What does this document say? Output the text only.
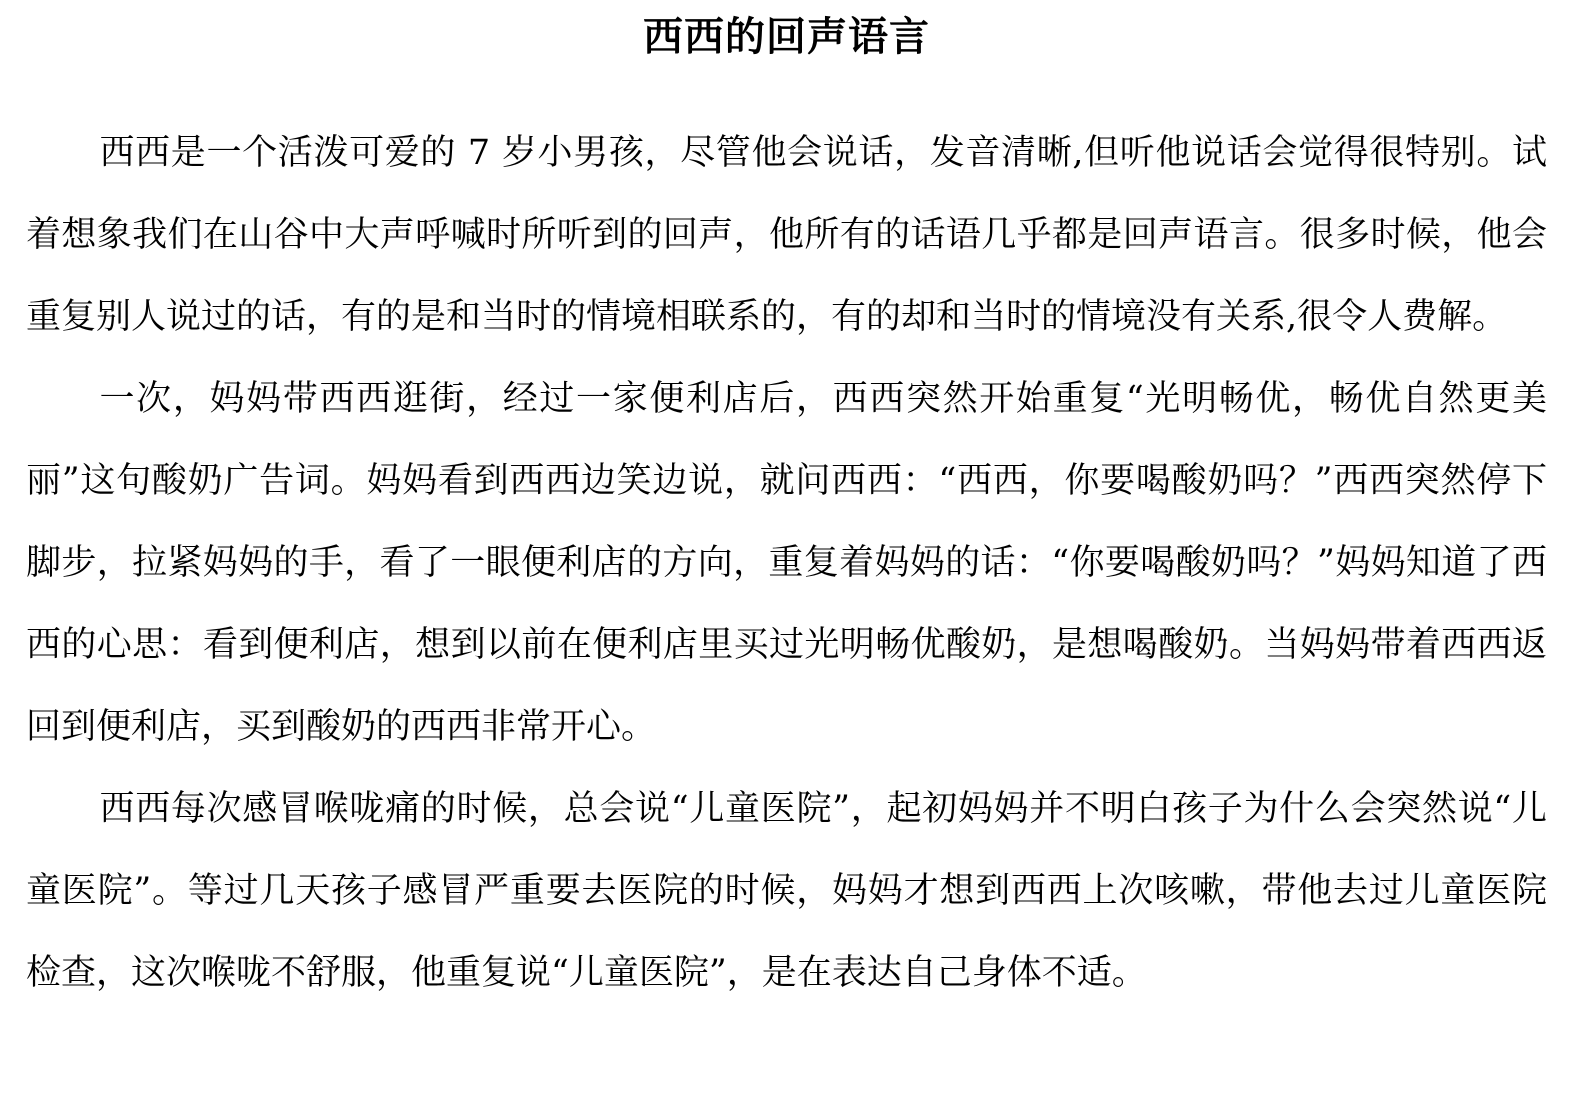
西西的回声语言

西西是一个活泼可爱的 7 岁小男孩，尽管他会说话，发音清晰,但听他说话会觉得很特别。试着想象我们在山谷中大声呼喊时所听到的回声，他所有的话语几乎都是回声语言。很多时候，他会重复别人说过的话，有的是和当时的情境相联系的，有的却和当时的情境没有关系,很令人费解。

一次，妈妈带西西逛街，经过一家便利店后，西西突然开始重复“光明畅优，畅优自然更美丽”这句酸奶广告词。妈妈看到西西边笑边说，就问西西：“西西，你要喝酸奶吗？”西西突然停下脚步，拉紧妈妈的手，看了一眼便利店的方向，重复着妈妈的话：“你要喝酸奶吗？”妈妈知道了西西的心思：看到便利店，想到以前在便利店里买过光明畅优酸奶，是想喝酸奶。当妈妈带着西西返回到便利店，买到酸奶的西西非常开心。

西西每次感冒喉咙痛的时候，总会说“儿童医院”，起初妈妈并不明白孩子为什么会突然说“儿童医院”。等过几天孩子感冒严重要去医院的时候，妈妈才想到西西上次咳嗽，带他去过儿童医院检查，这次喉咙不舒服，他重复说“儿童医院”，是在表达自己身体不适。
